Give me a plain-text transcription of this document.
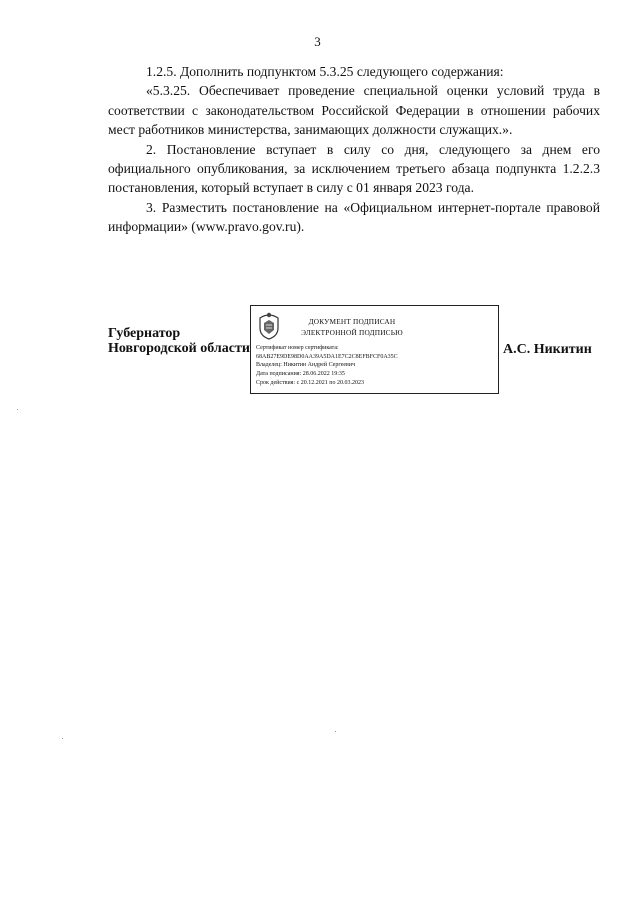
3

1.2.5. Дополнить подпунктом 5.3.25 следующего содержания:

«5.3.25. Обеспечивает проведение специальной оценки условий труда в соответствии с законодательством Российской Федерации в отношении рабочих мест работников министерства, занимающих должности служащих.».

2. Постановление вступает в силу со дня, следующего за днем его официального опубликования, за исключением третьего абзаца подпункта 1.2.2.3 постановления, который вступает в силу с 01 января 2023 года.

3. Разместить постановление на «Официальном интернет-портале правовой информации» (www.pravo.gov.ru).

Губернатор
Новгородской области
ДОКУМЕНТ ПОДПИСАН
ЭЛЕКТРОННОЙ ПОДПИСЬЮ
Сертификат номер сертификата:
68AB27E9DE98D0AA39A5DA1E7C2C8EFBFCF0A35C
Владелец: Никитин Андрей Сергеевич
Дата подписания: 28.06.2022 19:35
Срок действия: с 20.12.2021 по 20.03.2023
А.С. Никитин
